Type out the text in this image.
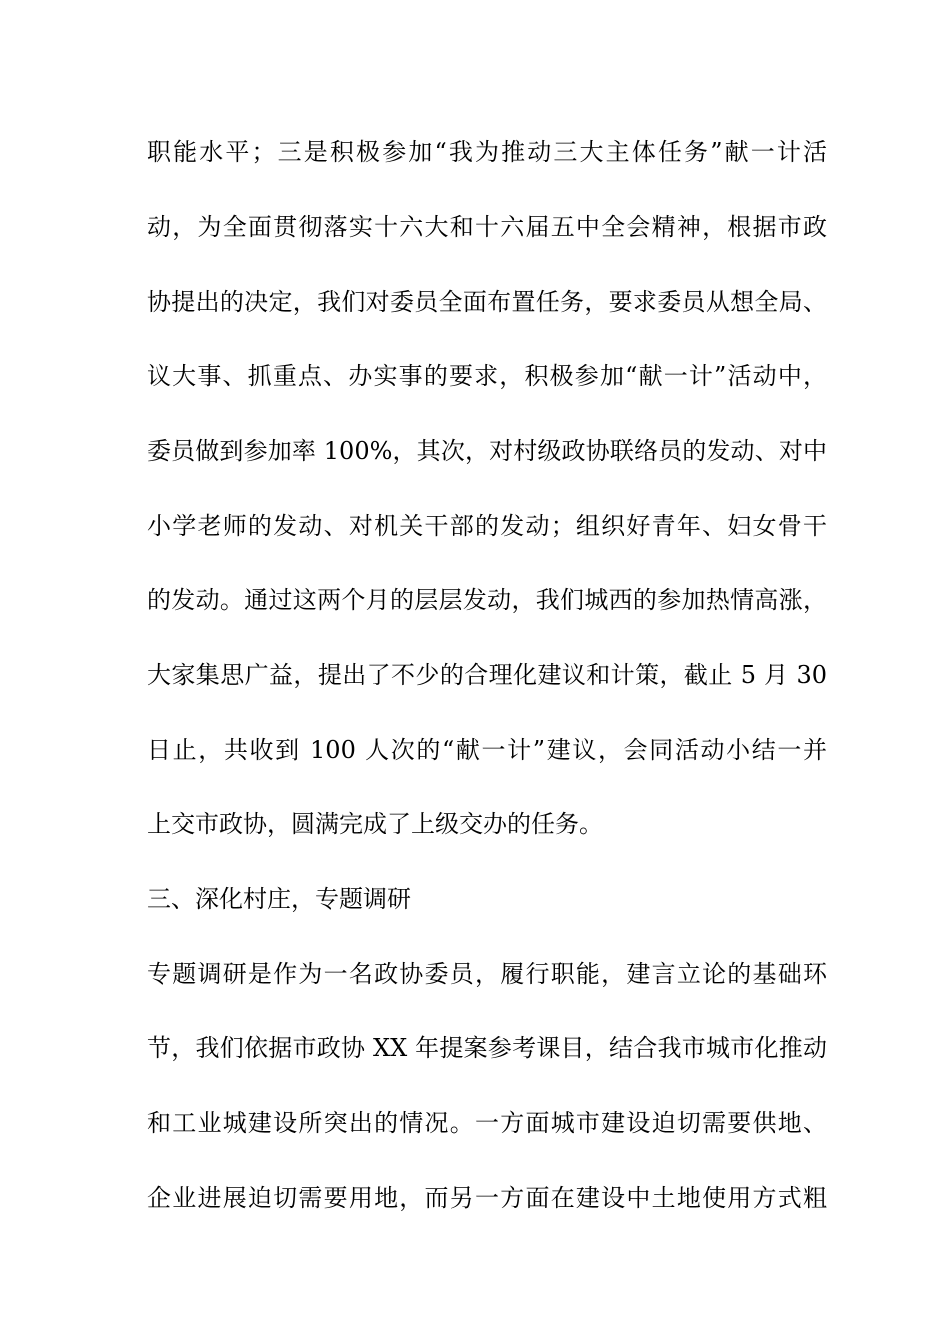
职能水平；三是积极参加“我为推动三大主体任务”献一计活
动，为全面贯彻落实十六大和十六届五中全会精神，根据市政
协提出的决定，我们对委员全面布置任务，要求委员从想全局、
议大事、抓重点、办实事的要求，积极参加“献一计”活动中，
委员做到参加率 100%，其次，对村级政协联络员的发动、对中
小学老师的发动、对机关干部的发动；组织好青年、妇女骨干
的发动。通过这两个月的层层发动，我们城西的参加热情高涨，
大家集思广益，提出了不少的合理化建议和计策，截止 5 月 30
日止，共收到 100 人次的“献一计”建议，会同活动小结一并
上交市政协，圆满完成了上级交办的任务。
三、深化村庄，专题调研
专题调研是作为一名政协委员，履行职能，建言立论的基础环
节，我们依据市政协 XX 年提案参考课目，结合我市城市化推动
和工业城建设所突出的情况。一方面城市建设迫切需要供地、
企业进展迫切需要用地，而另一方面在建设中土地使用方式粗
